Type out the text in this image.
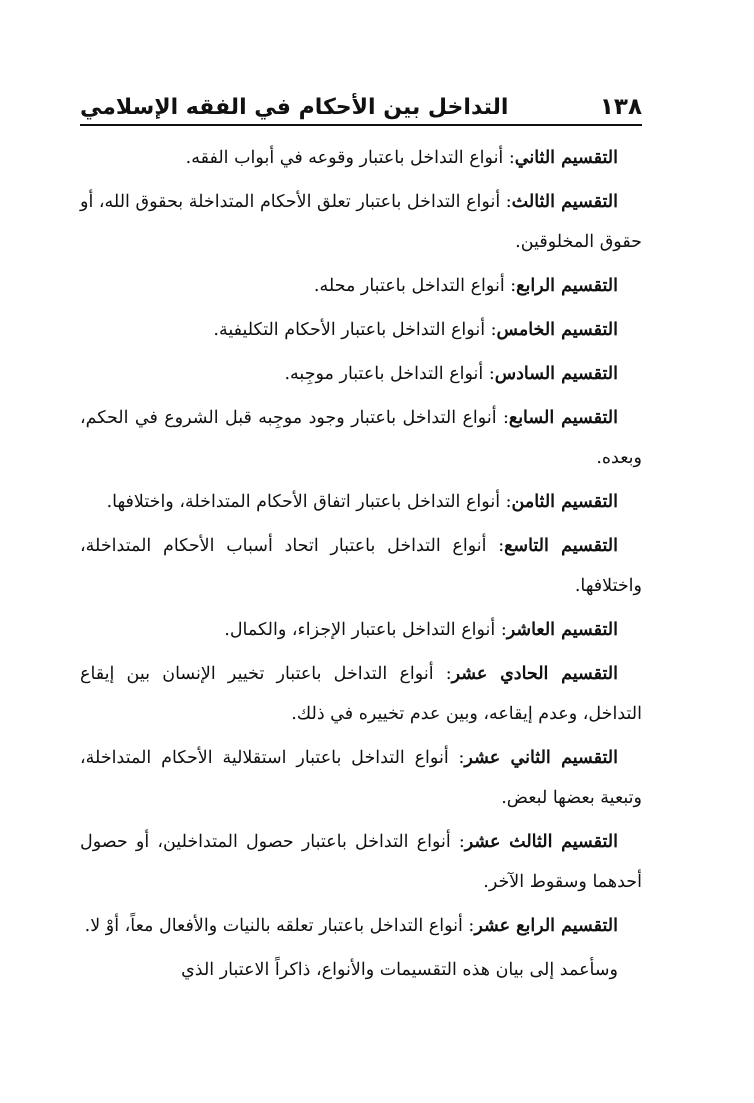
١٣٨
التداخل بين الأحكام في الفقه الإسلامي

التقسيم الثاني: أنواع التداخل باعتبار وقوعه في أبواب الفقه.

التقسيم الثالث: أنواع التداخل باعتبار تعلق الأحكام المتداخلة بحقوق الله، أو حقوق المخلوقين.

التقسيم الرابع: أنواع التداخل باعتبار محله.

التقسيم الخامس: أنواع التداخل باعتبار الأحكام التكليفية.

التقسيم السادس: أنواع التداخل باعتبار موجِبه.

التقسيم السابع: أنواع التداخل باعتبار وجود موجِبه قبل الشروع في الحكم، وبعده.

التقسيم الثامن: أنواع التداخل باعتبار اتفاق الأحكام المتداخلة، واختلافها.

التقسيم التاسع: أنواع التداخل باعتبار اتحاد أسباب الأحكام المتداخلة، واختلافها.

التقسيم العاشر: أنواع التداخل باعتبار الإجزاء، والكمال.

التقسيم الحادي عشر: أنواع التداخل باعتبار تخيير الإنسان بين إيقاع التداخل، وعدم إيقاعه، وبين عدم تخييره في ذلك.

التقسيم الثاني عشر: أنواع التداخل باعتبار استقلالية الأحكام المتداخلة، وتبعية بعضها لبعض.

التقسيم الثالث عشر: أنواع التداخل باعتبار حصول المتداخلين، أو حصول أحدهما وسقوط الآخر.

التقسيم الرابع عشر: أنواع التداخل باعتبار تعلقه بالنيات والأفعال معاً، أوْ لا.

وسأعمد إلى بيان هذه التقسيمات والأنواع، ذاكراً الاعتبار الذي
